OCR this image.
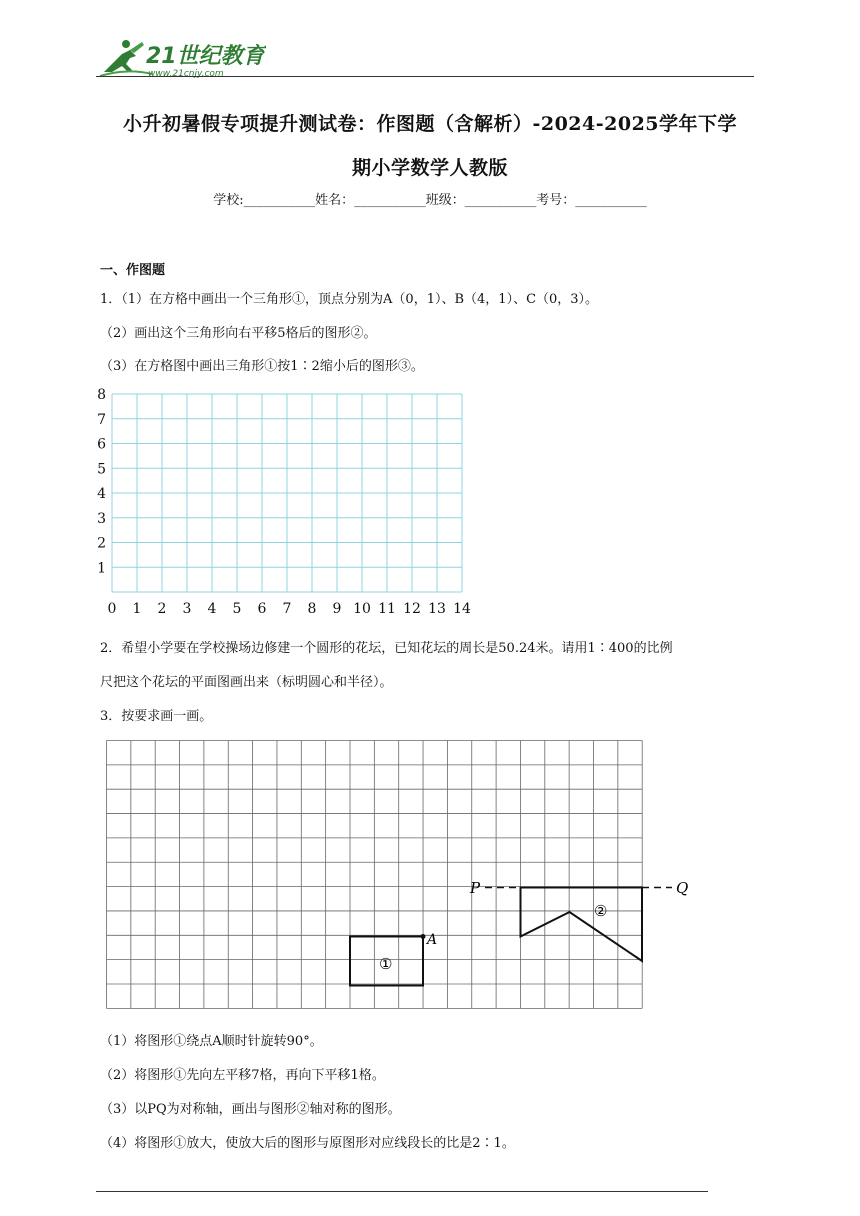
21世纪教育
www.21cnjy.com
小升初暑假专项提升测试卷：作图题（含解析）-2024-2025学年下学
期小学数学人教版
学校:___________姓名：___________班级：___________考号：___________
一、作图题
1．（1）在方格中画出一个三角形①，顶点分别为A（0，1）、B（4，1）、C（0，3）。
（2）画出这个三角形向右平移5格后的图形②。
（3）在方格图中画出三角形①按1∶2缩小后的图形③。
0 1 2 3 4 5 6 7 8 9 10 11 12 13 14
1
2
3
4
5
6
7
8
2．希望小学要在学校操场边修建一个圆形的花坛，已知花坛的周长是50.24米。请用1∶400的比例
尺把这个花坛的平面图画出来（标明圆心和半径）。
3．按要求画一画。
P	Q
②
①
A
（1）将图形①绕点A顺时针旋转90°。
（2）将图形①先向左平移7格，再向下平移1格。
（3）以PQ为对称轴，画出与图形②轴对称的图形。
（4）将图形①放大，使放大后的图形与原图形对应线段长的比是2∶1。
